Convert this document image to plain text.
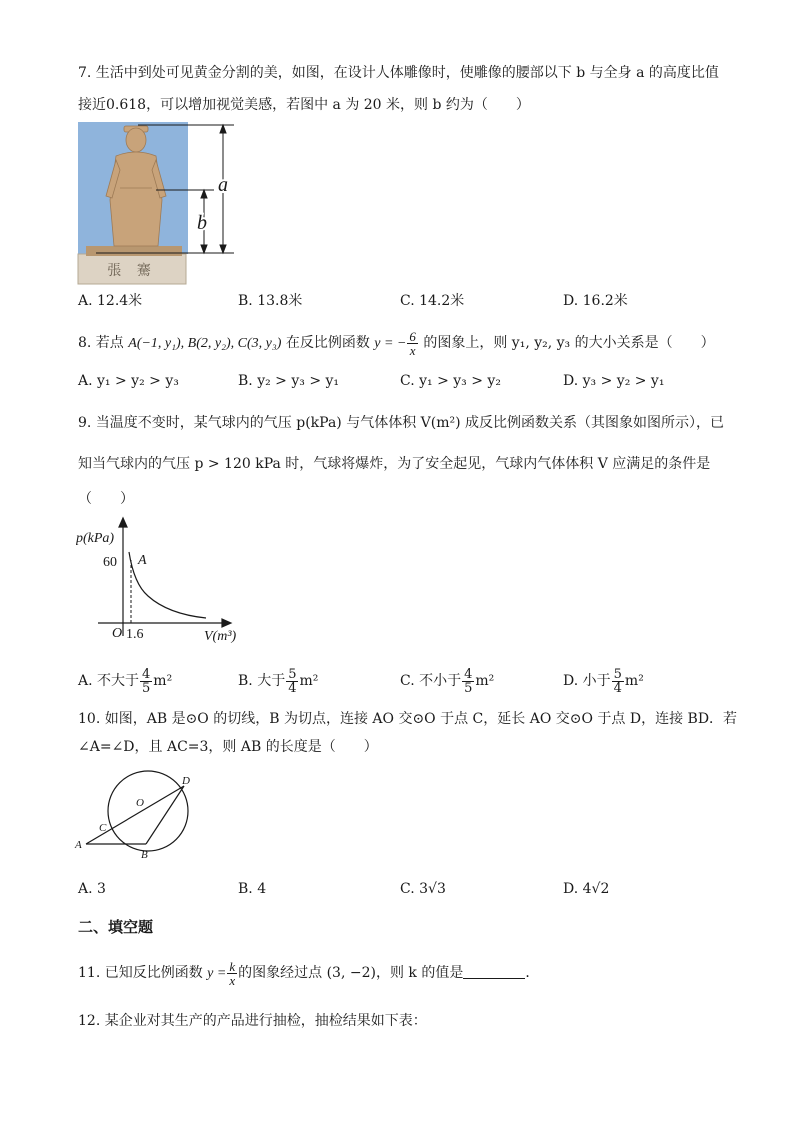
7. 生活中到处可见黄金分割的美，如图，在设计人体雕像时，使雕像的腰部以下 b 与全身 a 的高度比值
接近0.618，可以增加视觉美感，若图中 a 为 20 米，则 b 约为（　　）
張 騫
a
b
A. 12.4米	B. 13.8米	C. 14.2米	D. 16.2米
8. 若点 A(−1, y₁), B(2, y₂), C(3, y₃) 在反比例函数 y = − $\frac{6}{x}$ 的图象上，则 y₁, y₂, y₃ 的大小关系是（　　）
A. y₁ > y₂ > y₃	B. y₂ > y₃ > y₁	C. y₁ > y₃ > y₂	D. y₃ > y₂ > y₁
9. 当温度不变时，某气球内的气压 p(kPa) 与气体体积 V(m²) 成反比例函数关系（其图象如图所示），已
知当气球内的气压 p > 120 kPa 时，气球将爆炸，为了安全起见，气球内气体体积 V 应满足的条件是
（　　）
p(kPa)
60 A
O 1.6	V(m³)
A. 不大于 $\frac{4}{5} m^2$	B. 大于 $\frac{5}{4} m^2$	C. 不小于 $\frac{4}{5} m^2$	D. 小于 $\frac{5}{4} m^2$
10. 如图，AB 是⊙O 的切线，B 为切点，连接 AO 交⊙O 于点 C，延长 AO 交⊙O 于点 D，连接 BD．若
∠A=∠D，且 AC=3，则 AB 的长度是（　　）
O
D
C
A
B
A. 3	B. 4	C. 3√3	D. 4√2
二、填空题
11. 已知反比例函数 $y = \frac{k}{x}$ 的图象经过点 (3, −2)，则 k 的值是	．
12. 某企业对其生产的产品进行抽检，抽检结果如下表：
